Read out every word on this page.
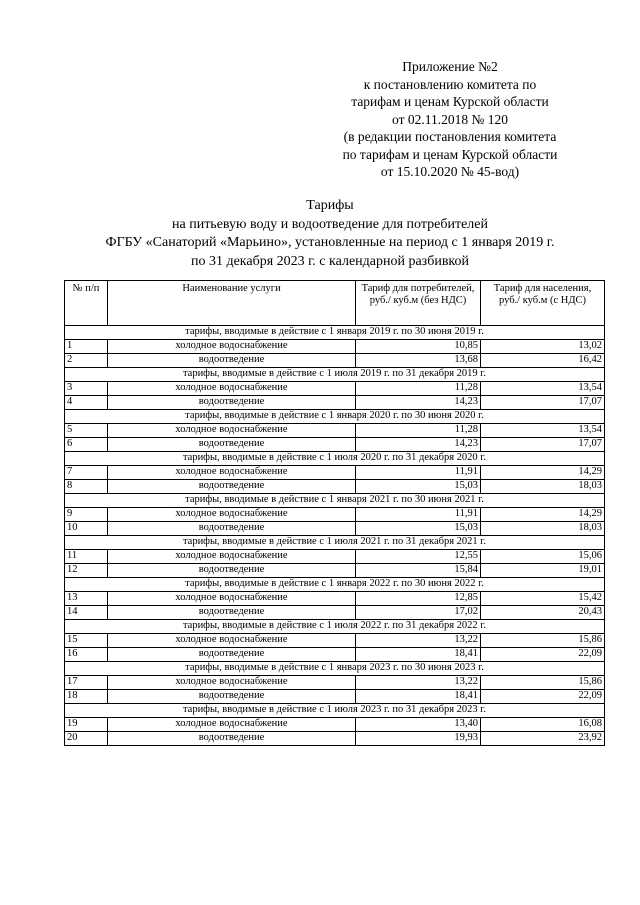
Приложение №2
к постановлению комитета по
тарифам и ценам Курской области
от 02.11.2018 № 120
(в редакции постановления комитета
по тарифам и ценам Курской области
от 15.10.2020 № 45-вод)
Тарифы
на питьевую воду и водоотведение для потребителей
ФГБУ «Санаторий «Марьино», установленные на период с 1 января 2019 г.
по 31 декабря 2023 г. с календарной разбивкой
№ п/п	Наименование услуги	Тариф для потребителей, руб./ куб.м (без НДС)	Тариф для населения, руб./ куб.м (с НДС)
тарифы, вводимые в действие с 1 января 2019 г. по 30 июня 2019 г.			
1	холодное водоснабжение	10,85	13,02
2	водоотведение	13,68	16,42
тарифы, вводимые в действие с 1 июля 2019 г. по 31 декабря 2019 г.			
3	холодное водоснабжение	11,28	13,54
4	водоотведение	14,23	17,07
тарифы, вводимые в действие с 1 января 2020 г. по 30 июня 2020 г.			
5	холодное водоснабжение	11,28	13,54
6	водоотведение	14,23	17,07
тарифы, вводимые в действие с 1 июля 2020 г. по 31 декабря 2020 г.			
7	холодное водоснабжение	11,91	14,29
8	водоотведение	15,03	18,03
тарифы, вводимые в действие с 1 января 2021 г. по 30 июня 2021 г.			
9	холодное водоснабжение	11,91	14,29
10	водоотведение	15,03	18,03
тарифы, вводимые в действие с 1 июля 2021 г. по 31 декабря 2021 г.			
11	холодное водоснабжение	12,55	15,06
12	водоотведение	15,84	19,01
тарифы, вводимые в действие с 1 января 2022 г. по 30 июня 2022 г.			
13	холодное водоснабжение	12,85	15,42
14	водоотведение	17,02	20,43
тарифы, вводимые в действие с 1 июля 2022 г. по 31 декабря 2022 г.			
15	холодное водоснабжение	13,22	15,86
16	водоотведение	18,41	22,09
тарифы, вводимые в действие с 1 января 2023 г. по 30 июня 2023 г.			
17	холодное водоснабжение	13,22	15,86
18	водоотведение	18,41	22,09
тарифы, вводимые в действие с 1 июля 2023 г. по 31 декабря 2023 г.			
19	холодное водоснабжение	13,40	16,08
20	водоотведение	19,93	23,92
